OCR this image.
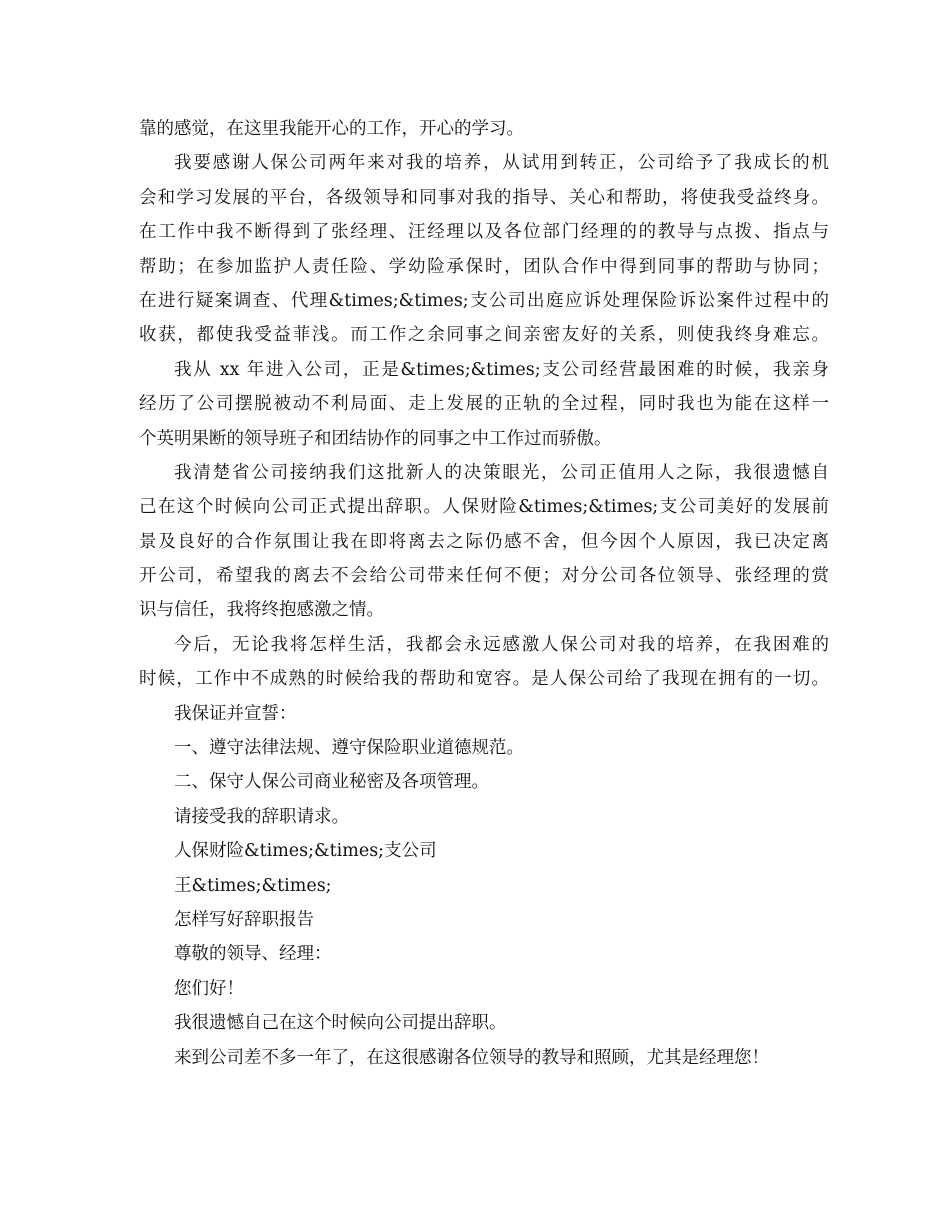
靠的感觉，在这里我能开心的工作，开心的学习。
我要感谢人保公司两年来对我的培养，从试用到转正，公司给予了我成长的机
会和学习发展的平台，各级领导和同事对我的指导、关心和帮助，将使我受益终身。
在工作中我不断得到了张经理、汪经理以及各位部门经理的的教导与点拨、指点与
帮助；在参加监护人责任险、学幼险承保时，团队合作中得到同事的帮助与协同；
在进行疑案调查、代理&times;&times;支公司出庭应诉处理保险诉讼案件过程中的
收获，都使我受益菲浅。而工作之余同事之间亲密友好的关系，则使我终身难忘。
我从 xx 年进入公司，正是&times;&times;支公司经营最困难的时候，我亲身
经历了公司摆脱被动不利局面、走上发展的正轨的全过程，同时我也为能在这样一
个英明果断的领导班子和团结协作的同事之中工作过而骄傲。
我清楚省公司接纳我们这批新人的决策眼光，公司正值用人之际，我很遗憾自
己在这个时候向公司正式提出辞职。人保财险&times;&times;支公司美好的发展前
景及良好的合作氛围让我在即将离去之际仍感不舍，但今因个人原因，我已决定离
开公司，希望我的离去不会给公司带来任何不便；对分公司各位领导、张经理的赏
识与信任，我将终抱感激之情。
今后，无论我将怎样生活，我都会永远感激人保公司对我的培养，在我困难的
时候，工作中不成熟的时候给我的帮助和宽容。是人保公司给了我现在拥有的一切。
我保证并宣誓：
一、遵守法律法规、遵守保险职业道德规范。
二、保守人保公司商业秘密及各项管理。
请接受我的辞职请求。
人保财险&times;&times;支公司
王&times;&times;
怎样写好辞职报告
尊敬的领导、经理：
您们好！
我很遗憾自己在这个时候向公司提出辞职。
来到公司差不多一年了，在这很感谢各位领导的教导和照顾，尤其是经理您！
